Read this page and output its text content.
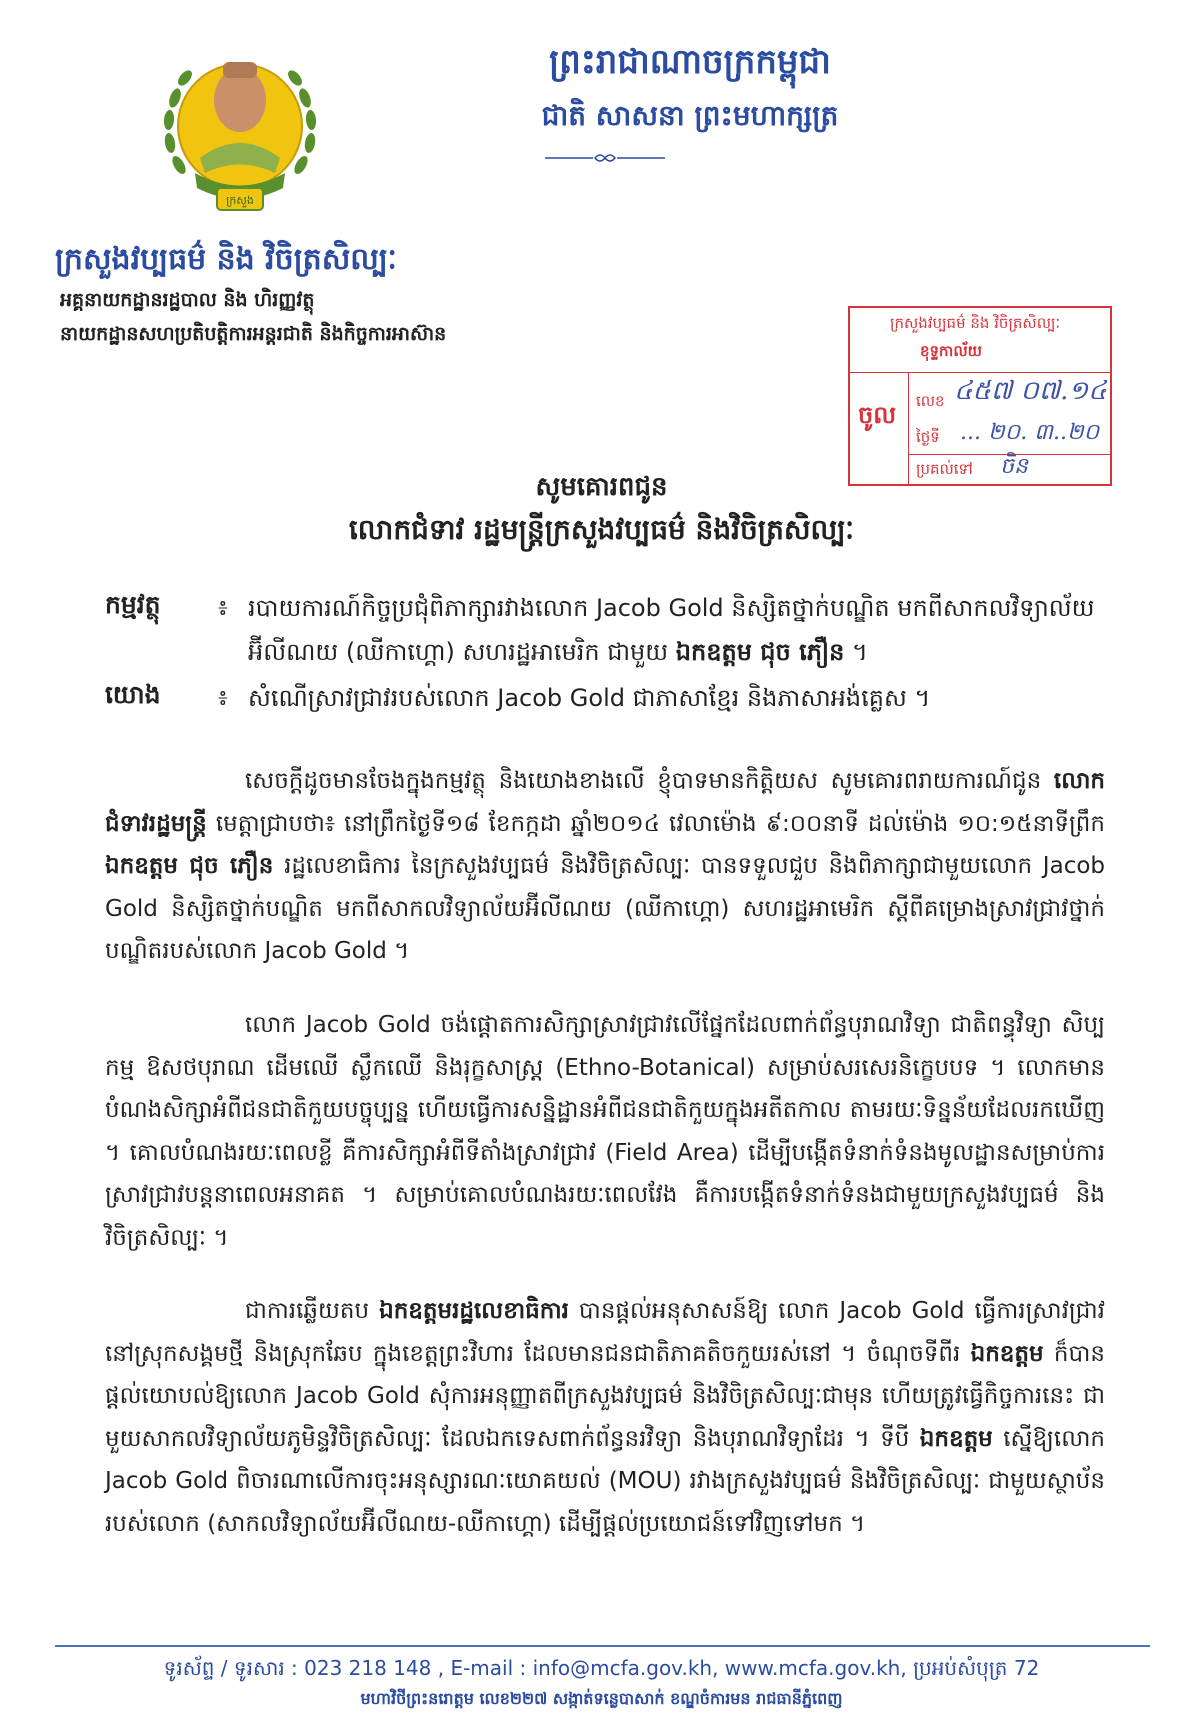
ក្រសួង
ព្រះរាជាណាចក្រកម្ពុជា
ជាតិ សាសនា ព្រះមហាក្សត្រ
ក្រសួងវប្បធម៌ និង វិចិត្រសិល្បៈ
អគ្គនាយកដ្ឋានរដ្ឋបាល និង ហិរញ្ញវត្ថុ
នាយកដ្ឋានសហប្រតិបត្តិការអន្តរជាតិ និងកិច្ចការអាស៊ាន	ក្រសួងវប្បធម៌ និង វិចិត្រសិល្បៈ
ខុទ្ទកាល័យ
ចូល លេខ ៤៥៧ ០៧.១៤
ថ្ងៃទី ... ២០. ៣..២០
ប្រគល់ទៅ ចិន
សូមគោរពជូន
លោកជំទាវ រដ្ឋមន្ត្រីក្រសួងវប្បធម៌ និងវិចិត្រសិល្បៈ
កម្មវត្ថុ	៖ របាយការណ៍កិច្ចប្រជុំពិភាក្សារវាងលោក Jacob Gold និស្សិតថ្នាក់បណ្ឌិត មកពីសាកលវិទ្យាល័យ
អ៊ីលីណយ (ឈីកាហ្គោ) សហរដ្ឋអាមេរិក ជាមួយ ឯកឧត្តម ជុច ភឿន ។
យោង	៖ សំណើស្រាវជ្រាវរបស់លោក Jacob Gold ជាភាសាខ្មែរ និងភាសាអង់គ្លេស ។

សេចក្តីដូចមានចែងក្នុងកម្មវត្ថុ និងយោងខាងលើ ខ្ញុំបាទមានកិត្តិយស សូមគោរពរាយការណ៍ជូន លោកជំទាវរដ្ឋមន្ត្រី មេត្តាជ្រាបថា៖ នៅព្រឹកថ្ងៃទី១៨ ខែកក្កដា ឆ្នាំ២០១៤ វេលាម៉ោង ៩:០០នាទី ដល់ម៉ោង ១០:១៥នាទីព្រឹក ឯកឧត្តម ជុច ភឿន រដ្ឋលេខាធិការ នៃក្រសួងវប្បធម៌ និងវិចិត្រសិល្បៈ បានទទួលជួប និងពិភាក្សាជាមួយលោក Jacob Gold និស្សិតថ្នាក់បណ្ឌិត មកពីសាកលវិទ្យាល័យអ៊ីលីណយ (ឈីកាហ្គោ) សហរដ្ឋអាមេរិក ស្តីពីគម្រោងស្រាវជ្រាវថ្នាក់បណ្ឌិតរបស់លោក Jacob Gold ។

លោក Jacob Gold ចង់ផ្តោតការសិក្សាស្រាវជ្រាវលើផ្នែកដែលពាក់ព័ន្ធបុរាណវិទ្យា ជាតិពន្ធុវិទ្យា សិប្បកម្ម ឱសថបុរាណ ដើមឈើ ស្លឹកឈើ និងរុក្ខសាស្ត្រ (Ethno-Botanical) សម្រាប់សរសេរនិក្ខេបបទ ។ លោកមានបំណងសិក្សាអំពីជនជាតិកួយបច្ចុប្បន្ន ហើយធ្វើការសន្និដ្ឋានអំពីជនជាតិកួយក្នុងអតីតកាល តាមរយៈទិន្នន័យដែលរកឃើញ ។ គោលបំណងរយៈពេលខ្លី គឺការសិក្សាអំពីទីតាំងស្រាវជ្រាវ (Field Area) ដើម្បីបង្កើតទំនាក់ទំនងមូលដ្ឋានសម្រាប់ការស្រាវជ្រាវបន្តនាពេលអនាគត ។ សម្រាប់គោលបំណងរយៈពេលវែង គឺការបង្កើតទំនាក់ទំនងជាមួយក្រសួងវប្បធម៌ និងវិចិត្រសិល្បៈ ។

ជាការឆ្លើយតប ឯកឧត្តមរដ្ឋលេខាធិការ បានផ្តល់អនុសាសន៍ឱ្យ លោក Jacob Gold ធ្វើការស្រាវជ្រាវនៅស្រុកសង្គមថ្មី និងស្រុកឆែប ក្នុងខេត្តព្រះវិហារ ដែលមានជនជាតិភាគតិចកួយរស់នៅ ។ ចំណុចទីពីរ ឯកឧត្តម ក៏បានផ្តល់យោបល់ឱ្យលោក Jacob Gold សុំការអនុញ្ញាតពីក្រសួងវប្បធម៌ និងវិចិត្រសិល្បៈជាមុន ហើយត្រូវធ្វើកិច្ចការនេះ ជាមួយសាកលវិទ្យាល័យភូមិន្ទវិចិត្រសិល្បៈ ដែលឯកទេសពាក់ព័ន្ធនរវិទ្យា និងបុរាណវិទ្យាដែរ ។ ទីបី ឯកឧត្តម ស្នើឱ្យលោក Jacob Gold ពិចារណាលើការចុះអនុស្សារណៈយោគយល់ (MOU) រវាងក្រសួងវប្បធម៌ និងវិចិត្រសិល្បៈ ជាមួយស្ថាប័នរបស់លោក (សាកលវិទ្យាល័យអ៊ីលីណយ-ឈីកាហ្គោ) ដើម្បីផ្តល់ប្រយោជន៍ទៅវិញទៅមក ។

ទូរស័ព្ទ / ទូរសារ : 023 218 148 , E-mail : info@mcfa.gov.kh, www.mcfa.gov.kh, ប្រអប់សំបុត្រ 72
មហាវិថីព្រះនរោត្តម លេខ២២៧ សង្កាត់ទន្លេបាសាក់ ខណ្ឌចំការមន រាជធានីភ្នំពេញ
